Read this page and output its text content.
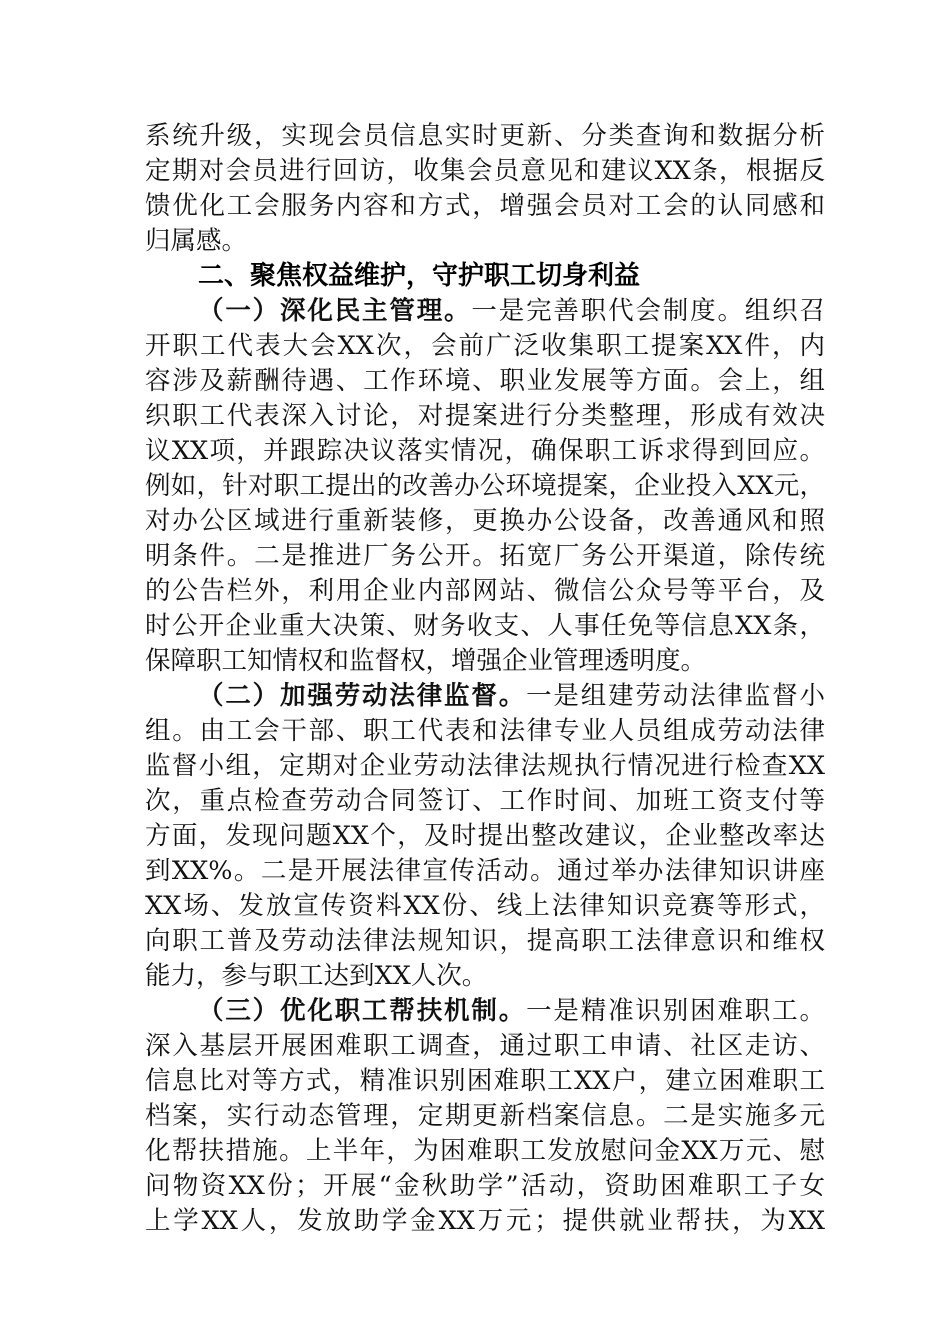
系统升级，实现会员信息实时更新、分类查询和数据分析
定期对会员进行回访，收集会员意见和建议XX条，根据反
馈优化工会服务内容和方式，增强会员对工会的认同感和
归属感。
二、聚焦权益维护，守护职工切身利益
（一）深化民主管理。一是完善职代会制度。组织召
开职工代表大会XX次，会前广泛收集职工提案XX件，内
容涉及薪酬待遇、工作环境、职业发展等方面。会上，组
织职工代表深入讨论，对提案进行分类整理，形成有效决
议XX项，并跟踪决议落实情况，确保职工诉求得到回应。
例如，针对职工提出的改善办公环境提案，企业投入XX元，
对办公区域进行重新装修，更换办公设备，改善通风和照
明条件。二是推进厂务公开。拓宽厂务公开渠道，除传统
的公告栏外，利用企业内部网站、微信公众号等平台，及
时公开企业重大决策、财务收支、人事任免等信息XX条，
保障职工知情权和监督权，增强企业管理透明度。
（二）加强劳动法律监督。一是组建劳动法律监督小
组。由工会干部、职工代表和法律专业人员组成劳动法律
监督小组，定期对企业劳动法律法规执行情况进行检查XX
次，重点检查劳动合同签订、工作时间、加班工资支付等
方面，发现问题XX个，及时提出整改建议，企业整改率达
到XX%。二是开展法律宣传活动。通过举办法律知识讲座
XX场、发放宣传资料XX份、线上法律知识竞赛等形式，
向职工普及劳动法律法规知识，提高职工法律意识和维权
能力，参与职工达到XX人次。
（三）优化职工帮扶机制。一是精准识别困难职工。
深入基层开展困难职工调查，通过职工申请、社区走访、
信息比对等方式，精准识别困难职工XX户，建立困难职工
档案，实行动态管理，定期更新档案信息。二是实施多元
化帮扶措施。上半年，为困难职工发放慰问金XX万元、慰
问物资XX份；开展“金秋助学”活动，资助困难职工子女
上学XX人，发放助学金XX万元；提供就业帮扶，为XX
